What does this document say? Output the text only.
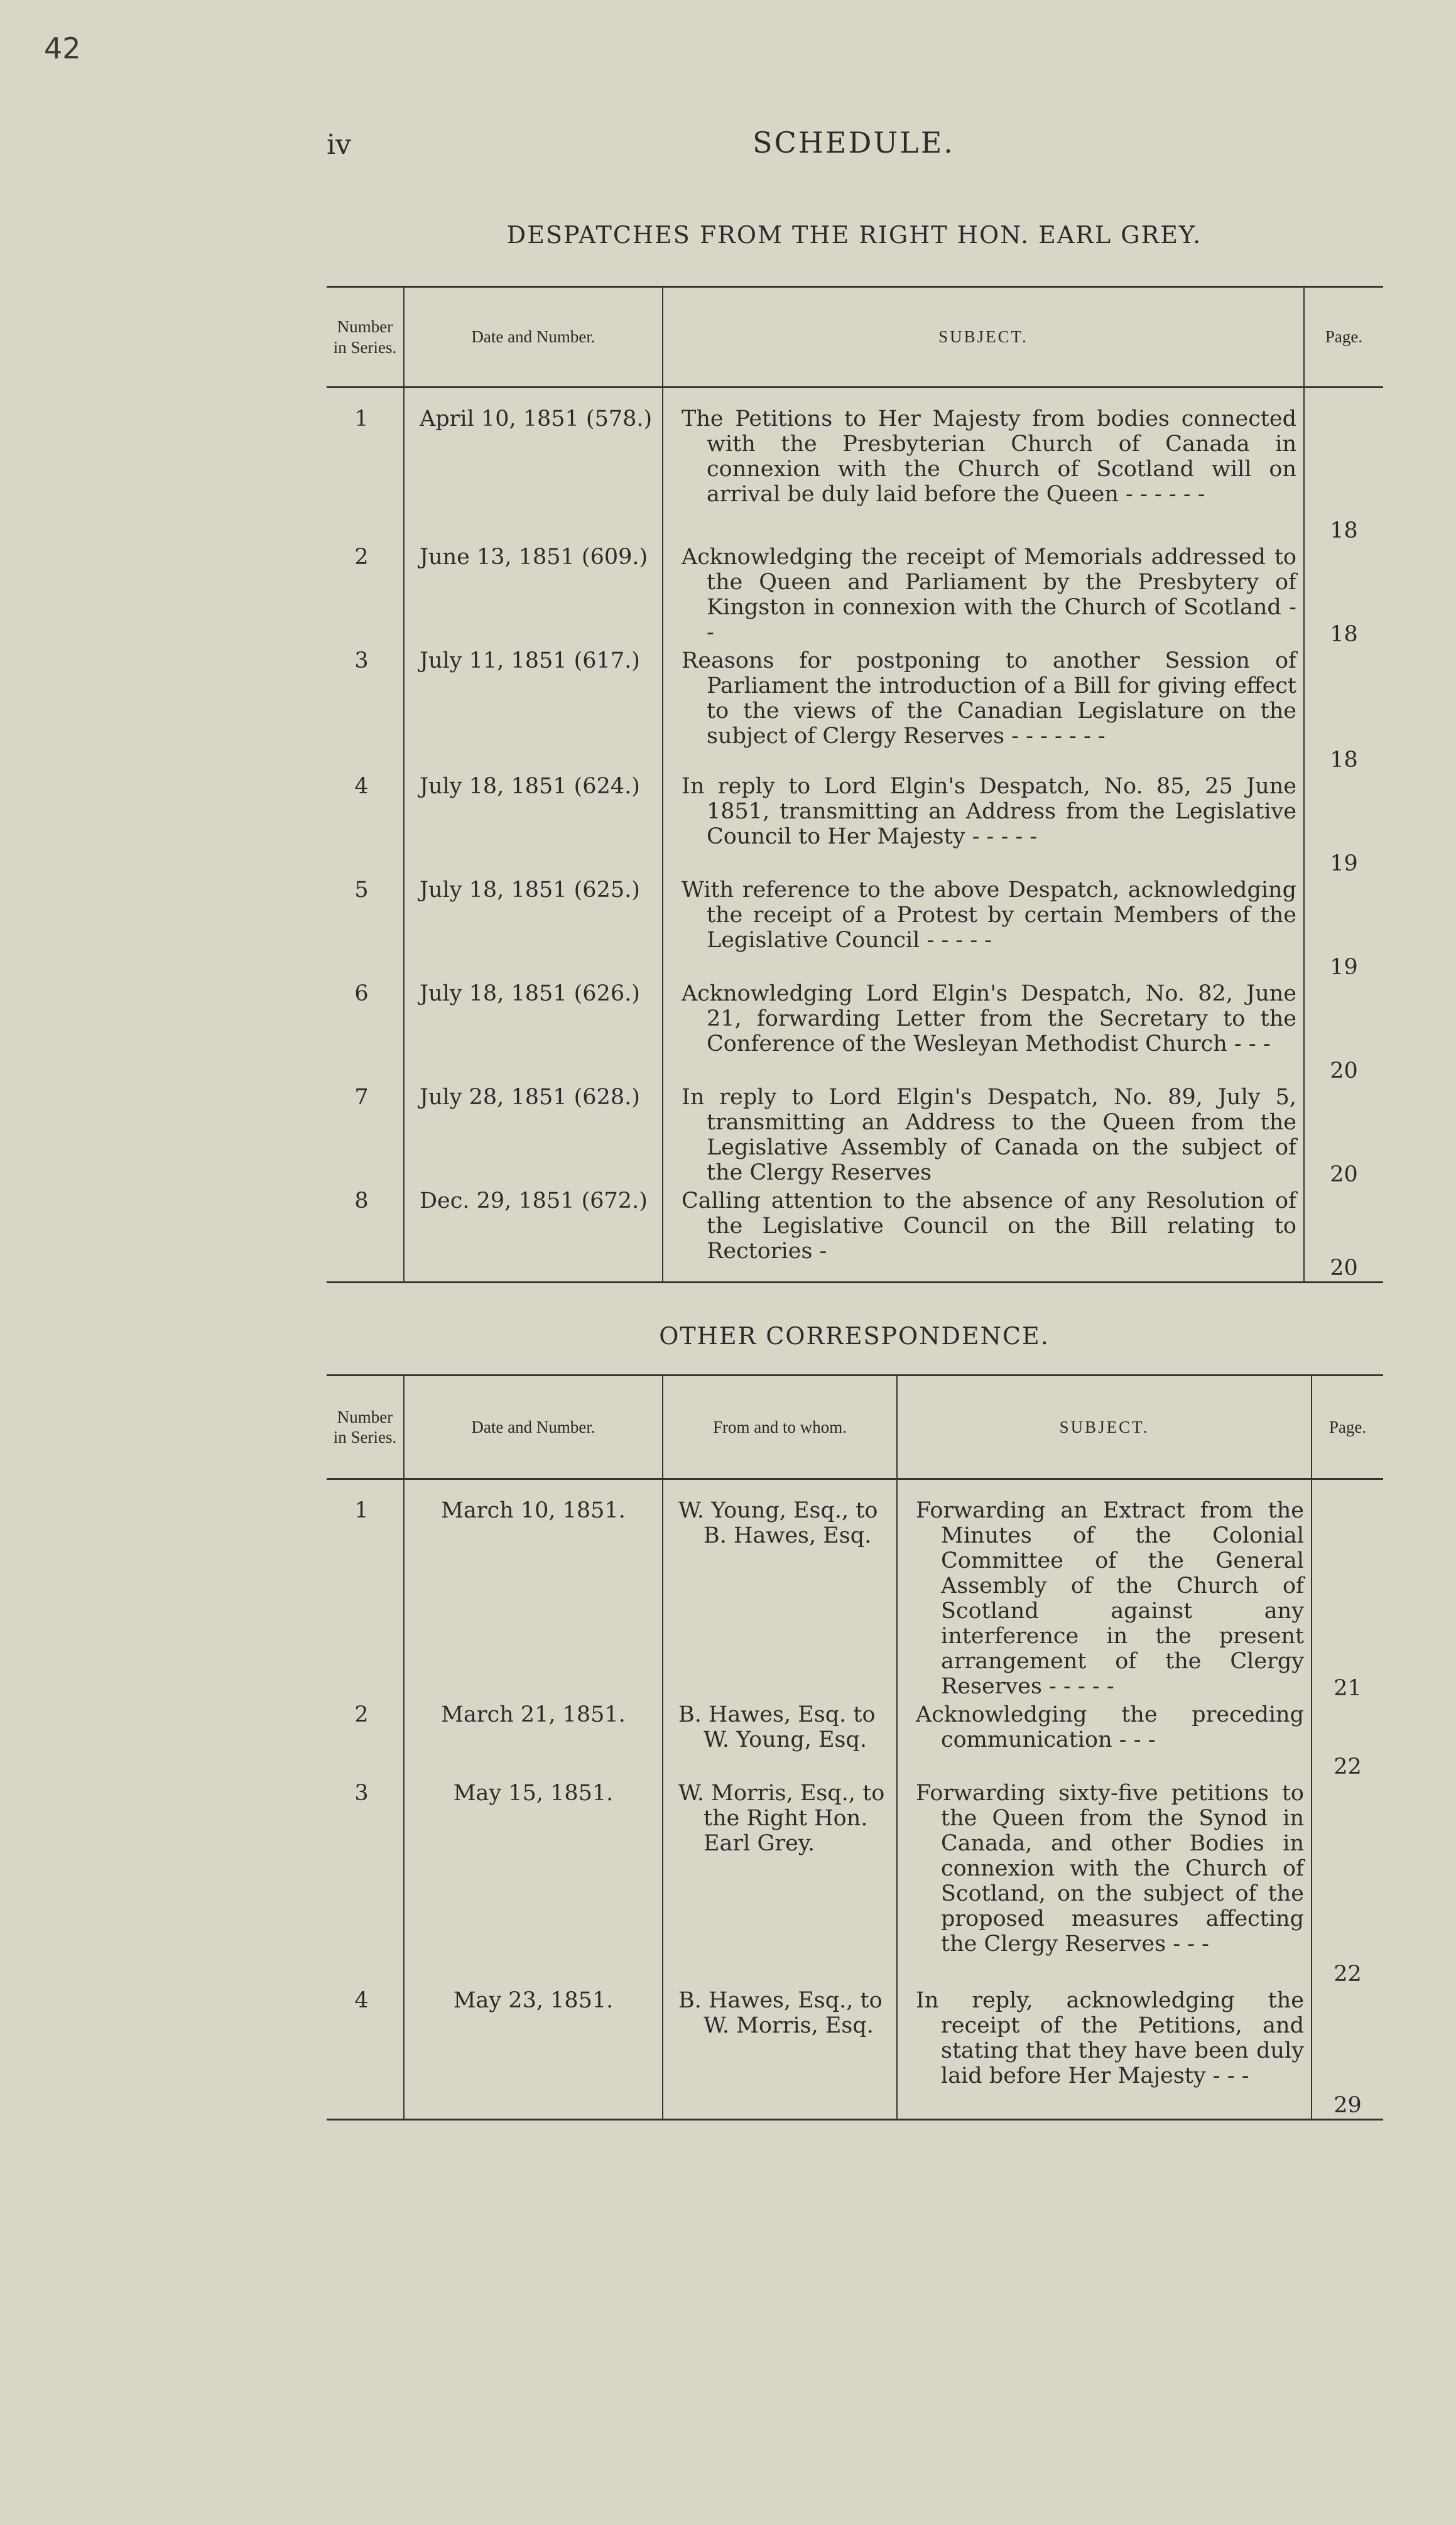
42
iv	SCHEDULE.
DESPATCHES FROM THE RIGHT HON. EARL GREY.
Number in Series.	Date and Number.	SUBJECT.	Page.

1	April 10, 1851 (578.)	The Petitions to Her Majesty from bodies connected with the Presbyterian Church of Canada in connexion with the Church of Scotland will on arrival be duly laid before the Queen - - - - - -	18
2	June 13, 1851 (609.)	Acknowledging the receipt of Memorials addressed to the Queen and Parliament by the Presbytery of Kingston in connexion with the Church of Scotland - -	18
3	July 11, 1851 (617.)	Reasons for postponing to another Session of Parliament the introduction of a Bill for giving effect to the views of the Canadian Legislature on the subject of Clergy Reserves - - - - - - -	18
4	July 18, 1851 (624.)	In reply to Lord Elgin's Despatch, No. 85, 25 June 1851, transmitting an Address from the Legislative Council to Her Majesty - - - - -	19
5	July 18, 1851 (625.)	With reference to the above Despatch, acknowledging the receipt of a Protest by certain Members of the Legislative Council - - - - -	19
6	July 18, 1851 (626.)	Acknowledging Lord Elgin's Despatch, No. 82, June 21, forwarding Letter from the Secretary to the Conference of the Wesleyan Methodist Church - - -	20
7	July 28, 1851 (628.)	In reply to Lord Elgin's Despatch, No. 89, July 5, transmitting an Address to the Queen from the Legislative Assembly of Canada on the subject of the Clergy Reserves	20
8	Dec. 29, 1851 (672.)	Calling attention to the absence of any Resolution of the Legislative Council on the Bill relating to Rectories -	20
OTHER CORRESPONDENCE.
Number in Series.	Date and Number.	From and to whom.	SUBJECT.	Page.

1	March 10, 1851.	W. Young, Esq., to B. Hawes, Esq.	Forwarding an Extract from the Minutes of the Colonial Committee of the General Assembly of the Church of Scotland against any interference in the present arrangement of the Clergy Reserves - - - - -	21
2	March 21, 1851.	B. Hawes, Esq. to W. Young, Esq.	Acknowledging the preceding communication - - -	22
3	May 15, 1851.	W. Morris, Esq., to the Right Hon. Earl Grey.	Forwarding sixty-five petitions to the Queen from the Synod in Canada, and other Bodies in connexion with the Church of Scotland, on the subject of the proposed measures affecting the Clergy Reserves - - -	22
4	May 23, 1851.	B. Hawes, Esq., to W. Morris, Esq.	In reply, acknowledging the receipt of the Petitions, and stating that they have been duly laid before Her Majesty - - -	29
